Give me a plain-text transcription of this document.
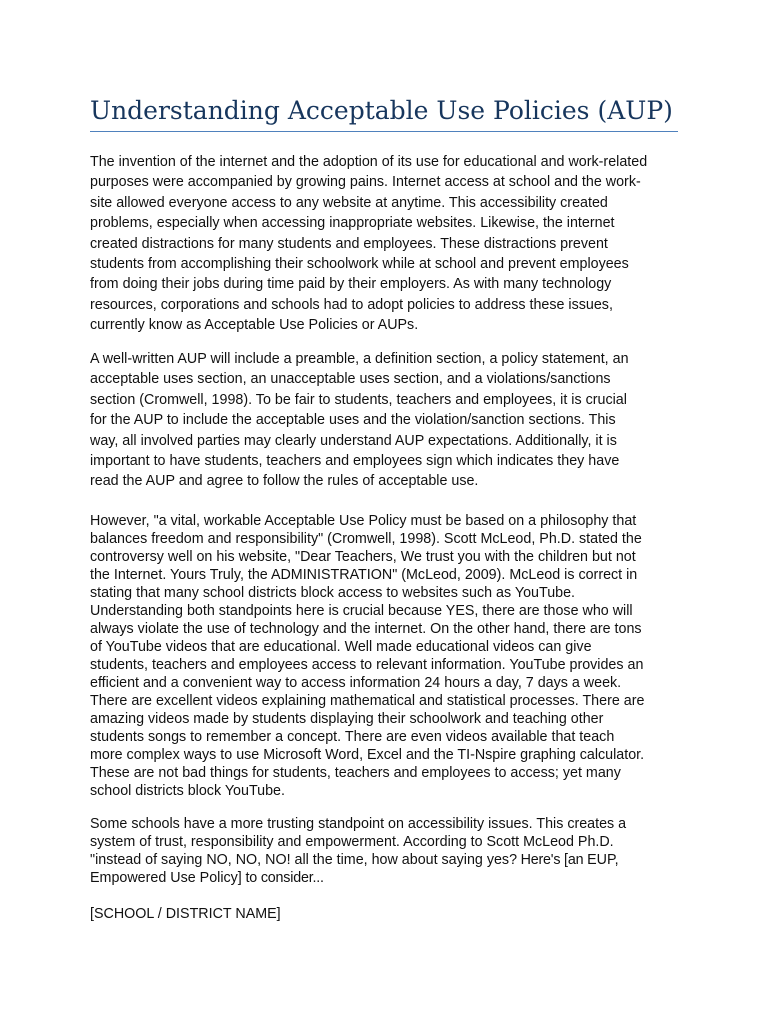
Understanding Acceptable Use Policies (AUP)
The invention of the internet and the adoption of its use for educational and work-related
purposes were accompanied by growing pains. Internet access at school and the work-
site allowed everyone access to any website at anytime. This accessibility created
problems, especially when accessing inappropriate websites. Likewise, the internet
created distractions for many students and employees. These distractions prevent
students from accomplishing their schoolwork while at school and prevent employees
from doing their jobs during time paid by their employers. As with many technology
resources, corporations and schools had to adopt policies to address these issues,
currently know as Acceptable Use Policies or AUPs.
A well-written AUP will include a preamble, a definition section, a policy statement, an
acceptable uses section, an unacceptable uses section, and a violations/sanctions
section (Cromwell, 1998). To be fair to students, teachers and employees, it is crucial
for the AUP to include the acceptable uses and the violation/sanction sections. This
way, all involved parties may clearly understand AUP expectations. Additionally, it is
important to have students, teachers and employees sign which indicates they have
read the AUP and agree to follow the rules of acceptable use.
However, "a vital, workable Acceptable Use Policy must be based on a philosophy that
balances freedom and responsibility" (Cromwell, 1998). Scott McLeod, Ph.D. stated the
controversy well on his website, "Dear Teachers, We trust you with the children but not
the Internet. Yours Truly, the ADMINISTRATION" (McLeod, 2009). McLeod is correct in
stating that many school districts block access to websites such as YouTube.
Understanding both standpoints here is crucial because YES, there are those who will
always violate the use of technology and the internet. On the other hand, there are tons
of YouTube videos that are educational. Well made educational videos can give
students, teachers and employees access to relevant information. YouTube provides an
efficient and a convenient way to access information 24 hours a day, 7 days a week.
There are excellent videos explaining mathematical and statistical processes. There are
amazing videos made by students displaying their schoolwork and teaching other
students songs to remember a concept. There are even videos available that teach
more complex ways to use Microsoft Word, Excel and the TI-Nspire graphing calculator.
These are not bad things for students, teachers and employees to access; yet many
school districts block YouTube.
Some schools have a more trusting standpoint on accessibility issues. This creates a
system of trust, responsibility and empowerment. According to Scott McLeod Ph.D.
"instead of saying NO, NO, NO! all the time, how about saying yes? Here's [an EUP,
Empowered Use Policy] to consider...
[SCHOOL / DISTRICT NAME]
